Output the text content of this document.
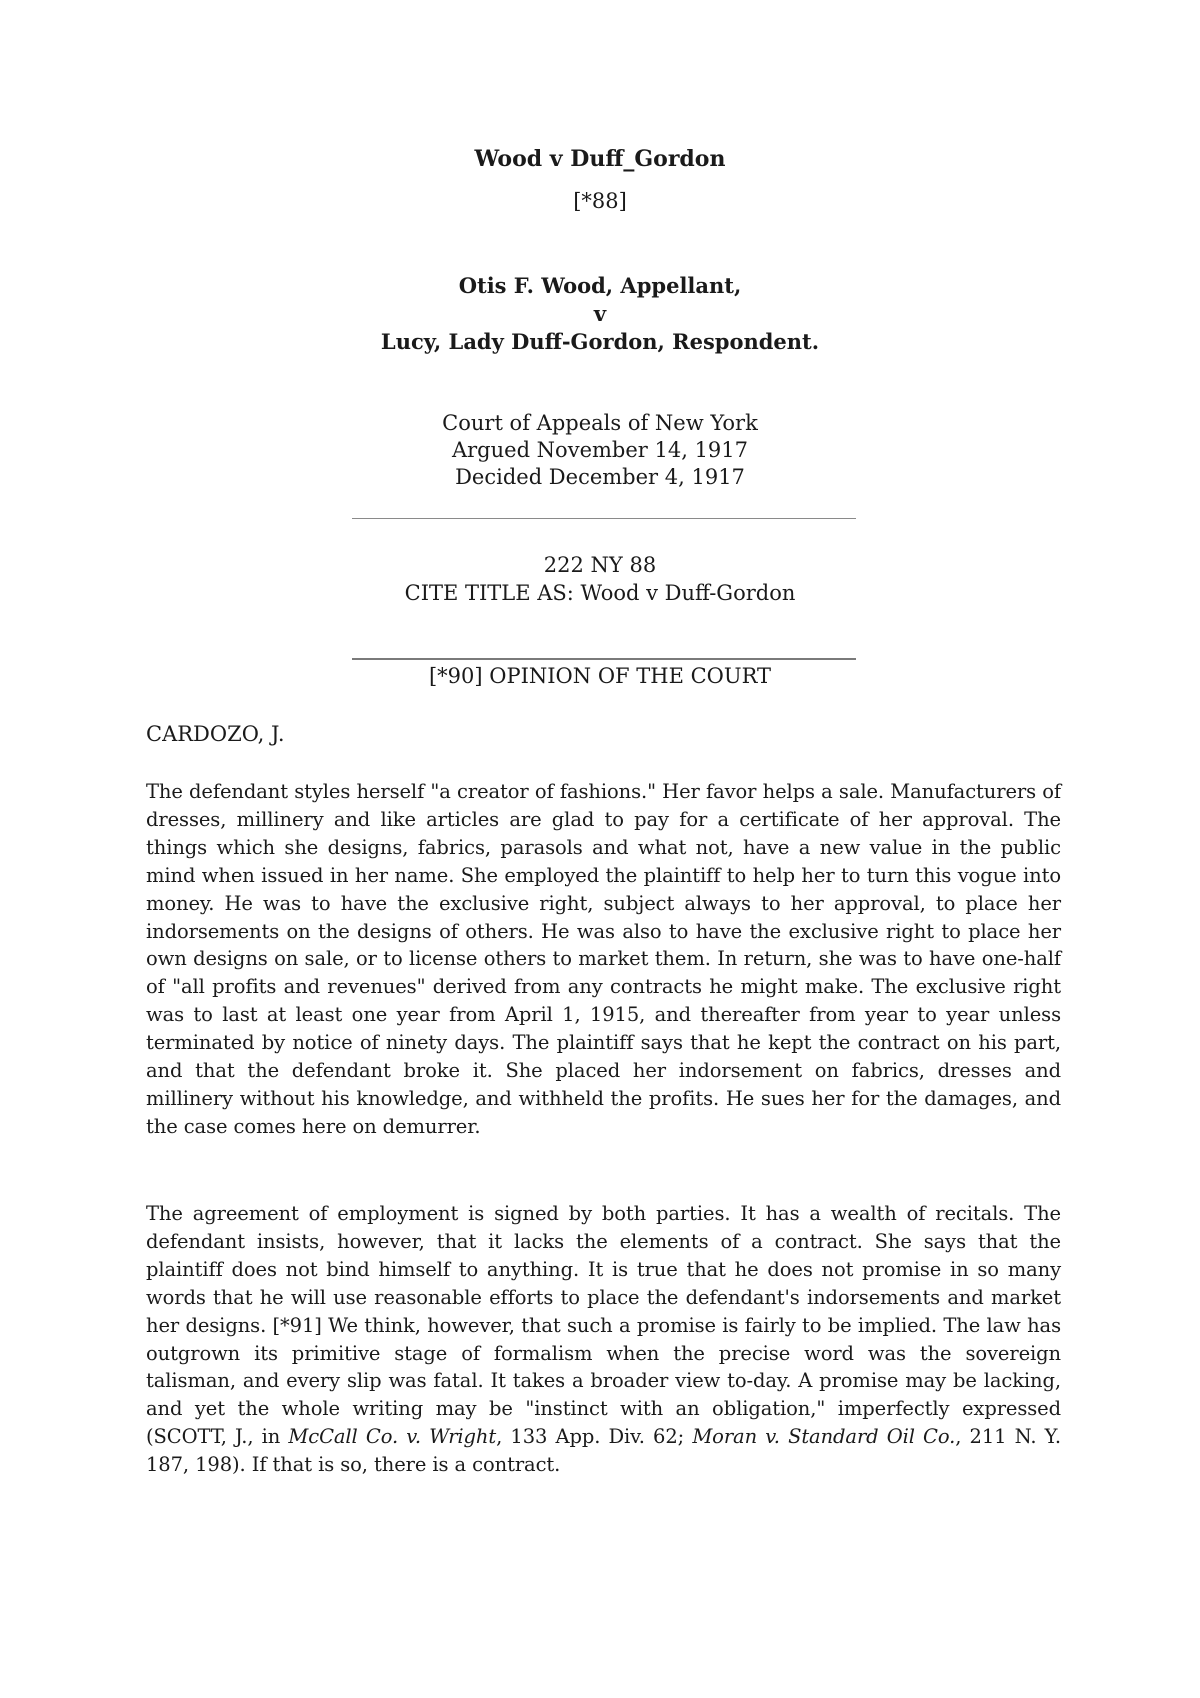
Wood v Duff_Gordon
[*88]
Otis F. Wood, Appellant,
v
Lucy, Lady Duff-Gordon, Respondent.
Court of Appeals of New York
Argued November 14, 1917
Decided December 4, 1917
222 NY 88
CITE TITLE AS: Wood v Duff-Gordon
[*90] OPINION OF THE COURT
CARDOZO, J.
The defendant styles herself "a creator of fashions." Her favor helps a sale. Manufacturers of dresses, millinery and like articles are glad to pay for a certificate of her approval. The things which she designs, fabrics, parasols and what not, have a new value in the public mind when issued in her name. She employed the plaintiff to help her to turn this vogue into money. He was to have the exclusive right, subject always to her approval, to place her indorsements on the designs of others. He was also to have the exclusive right to place her own designs on sale, or to license others to market them. In return, she was to have one-half of "all profits and revenues" derived from any contracts he might make. The exclusive right was to last at least one year from April 1, 1915, and thereafter from year to year unless terminated by notice of ninety days. The plaintiff says that he kept the contract on his part, and that the defendant broke it. She placed her indorsement on fabrics, dresses and millinery without his knowledge, and withheld the profits. He sues her for the damages, and the case comes here on demurrer.
The agreement of employment is signed by both parties. It has a wealth of recitals. The defendant insists, however, that it lacks the elements of a contract. She says that the plaintiff does not bind himself to anything. It is true that he does not promise in so many words that he will use reasonable efforts to place the defendant's indorsements and market her designs. [*91] We think, however, that such a promise is fairly to be implied. The law has outgrown its primitive stage of formalism when the precise word was the sovereign talisman, and every slip was fatal. It takes a broader view to-day. A promise may be lacking, and yet the whole writing may be "instinct with an obligation," imperfectly expressed (SCOTT, J., in McCall Co. v. Wright, 133 App. Div. 62; Moran v. Standard Oil Co., 211 N. Y. 187, 198). If that is so, there is a contract.
